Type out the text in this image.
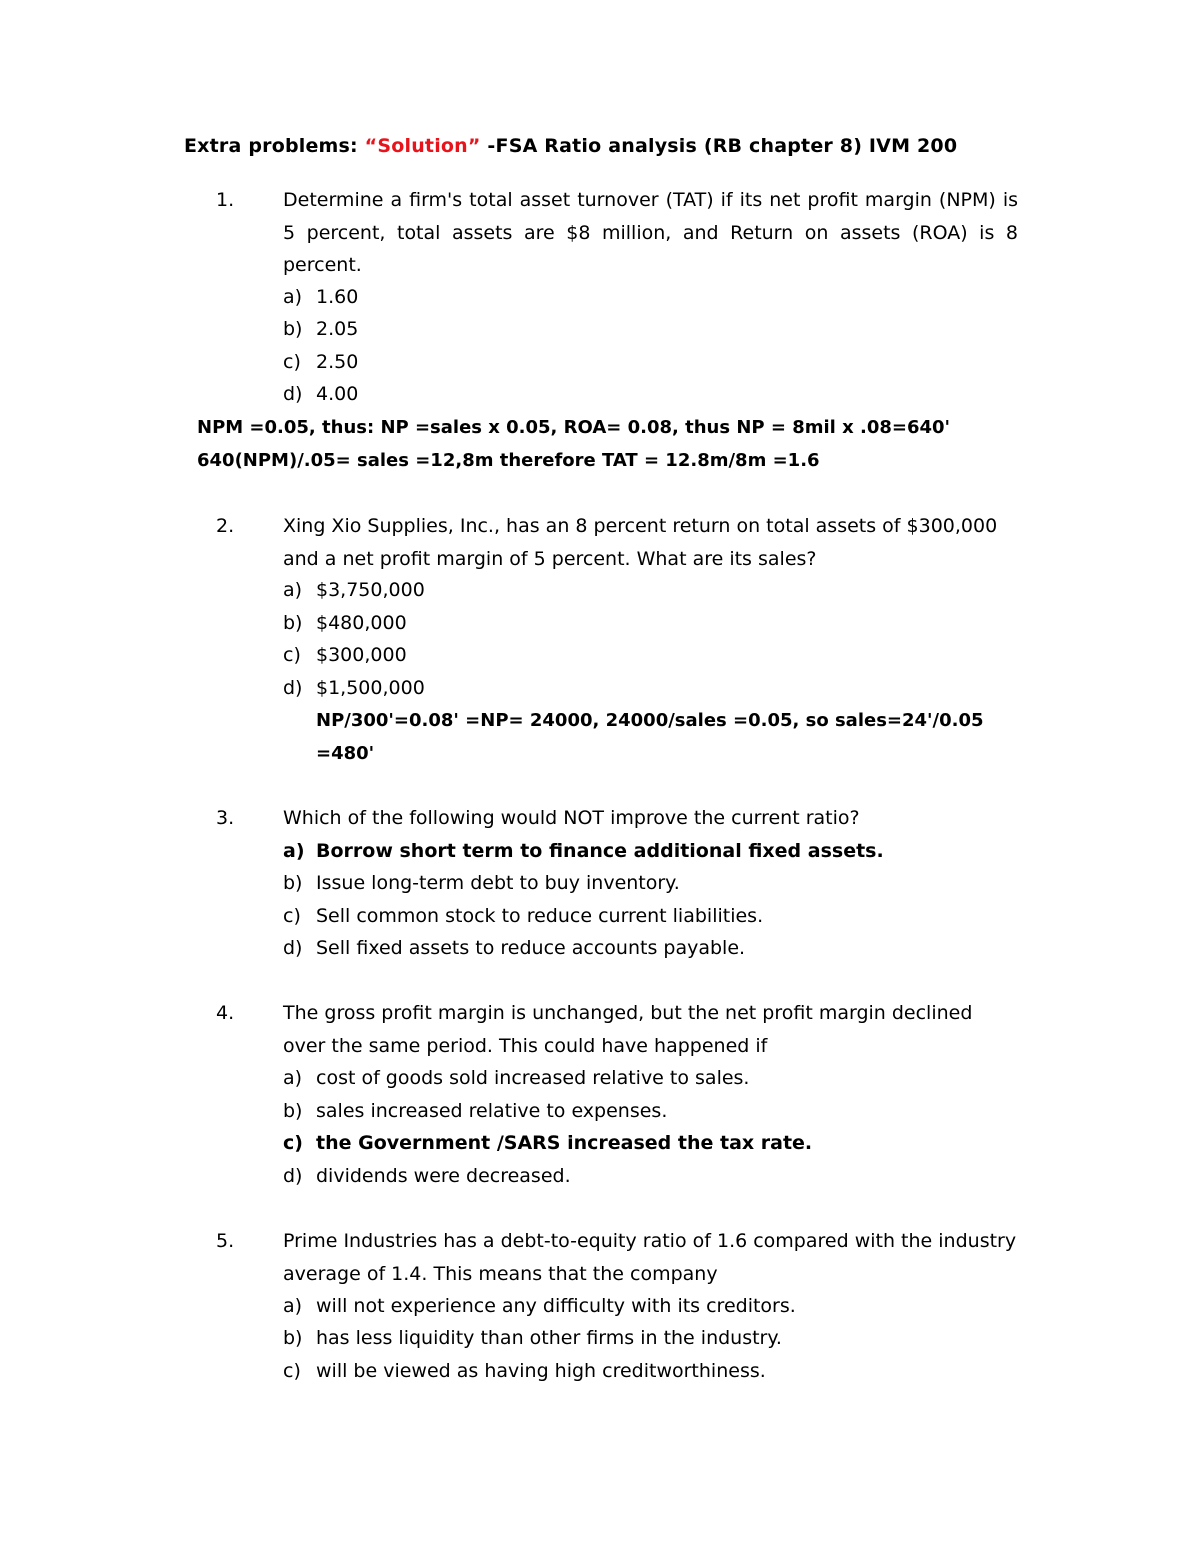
Extra problems: “Solution” -FSA Ratio analysis (RB chapter 8) IVM 200
1.	Determine a firm's total asset turnover (TAT) if its net profit margin (NPM) is 5 percent, total assets are $8 million, and Return on assets (ROA) is 8 percent.
a) 1.60
b) 2.05
c) 2.50
d) 4.00
NPM =0.05, thus: NP =sales x 0.05, ROA= 0.08, thus NP = 8mil x .08=640'
640(NPM)/.05= sales =12,8m therefore TAT = 12.8m/8m =1.6
2.	Xing Xio Supplies, Inc., has an 8 percent return on total assets of $300,000 and a net profit margin of 5 percent. What are its sales?
a) $3,750,000
b) $480,000
c) $300,000
d) $1,500,000
NP/300'=0.08' =NP= 24000, 24000/sales =0.05, so sales=24'/0.05
=480'
3.	Which of the following would NOT improve the current ratio?
a) Borrow short term to finance additional fixed assets.
b) Issue long-term debt to buy inventory.
c) Sell common stock to reduce current liabilities.
d) Sell fixed assets to reduce accounts payable.
4.	The gross profit margin is unchanged, but the net profit margin declined over the same period. This could have happened if
a) cost of goods sold increased relative to sales.
b) sales increased relative to expenses.
c) the Government /SARS increased the tax rate.
d) dividends were decreased.
5.	Prime Industries has a debt-to-equity ratio of 1.6 compared with the industry average of 1.4. This means that the company
a) will not experience any difficulty with its creditors.
b) has less liquidity than other firms in the industry.
c) will be viewed as having high creditworthiness.
